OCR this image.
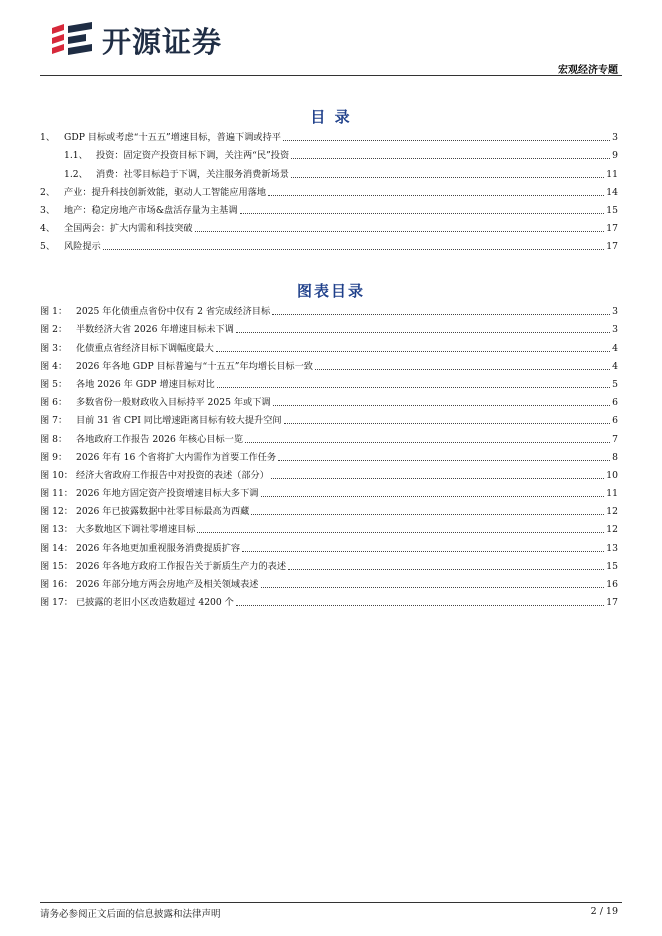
开源证券
宏观经济专题
目 录
1、 GDP 目标或考虑“十五五”增速目标，普遍下调或持平	3
1.1、 投资：固定资产投资目标下调，关注两“民”投资	9
1.2、 消费：社零目标趋于下调，关注服务消费新场景	11
2、 产业：提升科技创新效能，驱动人工智能应用落地	14
3、 地产：稳定房地产市场&盘活存量为主基调	15
4、 全国两会：扩大内需和科技突破	17
5、 风险提示	17
图表目录
图 1： 2025 年化债重点省份中仅有 2 省完成经济目标	3
图 2： 半数经济大省 2026 年增速目标未下调	3
图 3： 化债重点省经济目标下调幅度最大	4
图 4： 2026 年各地 GDP 目标普遍与“十五五”年均增长目标一致	4
图 5： 各地 2026 年 GDP 增速目标对比	5
图 6： 多数省份一般财政收入目标持平 2025 年或下调	6
图 7： 目前 31 省 CPI 同比增速距离目标有较大提升空间	6
图 8： 各地政府工作报告 2026 年核心目标一览	7
图 9： 2026 年有 16 个省将扩大内需作为首要工作任务	8
图 10： 经济大省政府工作报告中对投资的表述（部分）	10
图 11： 2026 年地方固定资产投资增速目标大多下调	11
图 12： 2026 年已披露数据中社零目标最高为西藏	12
图 13： 大多数地区下调社零增速目标	12
图 14： 2026 年各地更加重视服务消费提质扩容	13
图 15： 2026 年各地方政府工作报告关于新质生产力的表述	15
图 16： 2026 年部分地方两会房地产及相关领域表述	16
图 17： 已披露的老旧小区改造数超过 4200 个	17
请务必参阅正文后面的信息披露和法律声明	2 / 19
